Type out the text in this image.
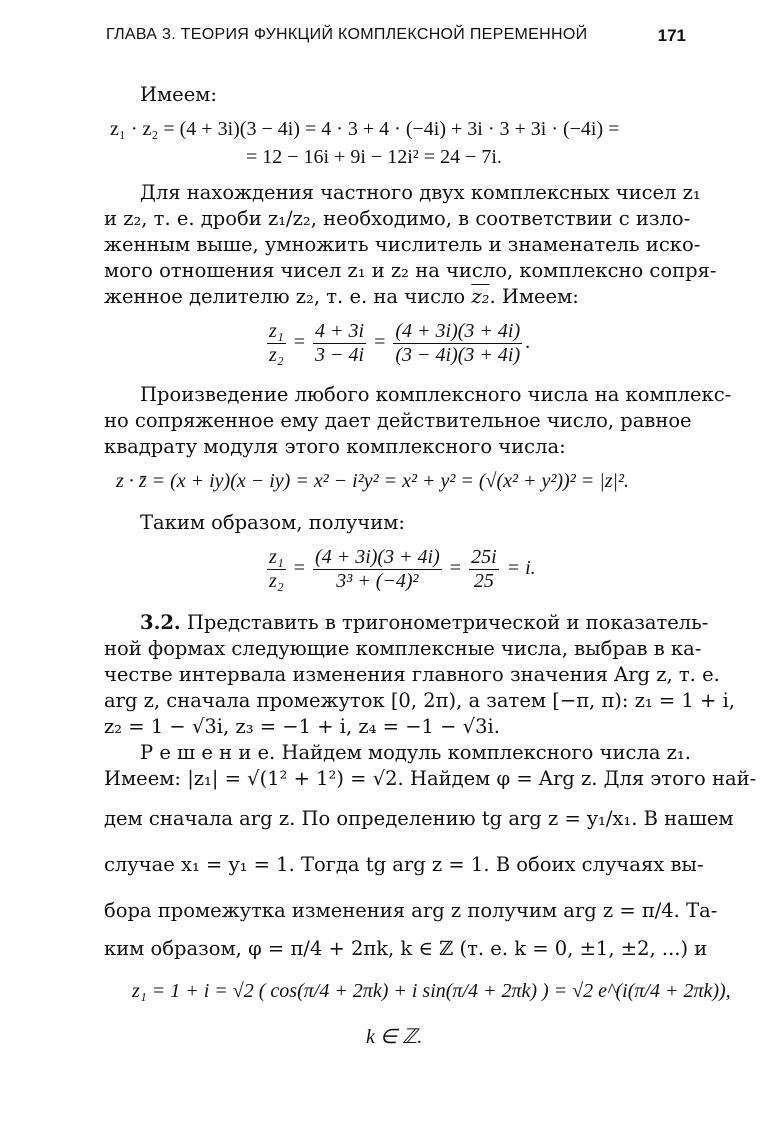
ГЛАВА 3. ТЕОРИЯ ФУНКЦИЙ КОМПЛЕКСНОЙ ПЕРЕМЕННОЙ	171
Имеем:
z₁ · z₂ = (4 + 3i)(3 − 4i) = 4 · 3 + 4 · (−4i) + 3i · 3 + 3i · (−4i) =
= 12 − 16i + 9i − 12i² = 24 − 7i.
Для нахождения частного двух комплексных чисел z₁
и z₂, т. е. дроби z₁/z₂, необходимо, в соответствии с изло-
женным выше, умножить числитель и знаменатель иско-
мого отношения чисел z₁ и z₂ на число, комплексно сопря-
женное делителю z₂, т. е. на число z₂. Имеем:
$\frac{\text{z₁}}{\text{z₂}} = \frac{4 + 3i}{3 - 4i} = \frac{(4 + 3i)(3 + 4i)}{(3 - 4i)(3 + 4i)}$ .
Произведение любого комплексного числа на комплекс-
но сопряженное ему дает действительное число, равное
квадрату модуля этого комплексного числа:
z · z̄ = (x + iy)(x − iy) = x² − i²y² = x² + y² = (√(x² + y²))² = |z|².
Таким образом, получим:
$\frac{\text{z₁}}{\text{z₂}} = \frac{(4 + 3i)(3 + 4i)}{\text{3³ + (−4)²}} = \frac{25i}{25} = i$.
3.2. Представить в тригонометрической и показатель-
ной формах следующие комплексные числа, выбрав в ка-
честве интервала изменения главного значения Arg z, т. е.
arg z, сначала промежуток [0, 2π), а затем [−π, π): z₁ = 1 + i,
z₂ = 1 − √3i, z₃ = −1 + i, z₄ = −1 − √3i.
Р е ш е н и е. Найдем модуль комплексного числа z₁.
Имеем: |z₁| = √(1² + 1²) = √2. Найдем φ = Arg z. Для этого най-
дем сначала arg z. По определению tg arg z = y₁/x₁. В нашем
случае x₁ = y₁ = 1. Тогда tg arg z = 1. В обоих случаях вы-
бора промежутка изменения arg z получим arg z = π/4. Та-
ким образом, φ = π/4 + 2πk, k ∈ ℤ (т. е. k = 0, ±1, ±2, ...) и
z₁ = 1 + i = √2 ( cos(π/4 + 2πk) + i sin(π/4 + 2πk) ) = √2 e^(i(π/4 + 2πk)),
k ∈ ℤ.
